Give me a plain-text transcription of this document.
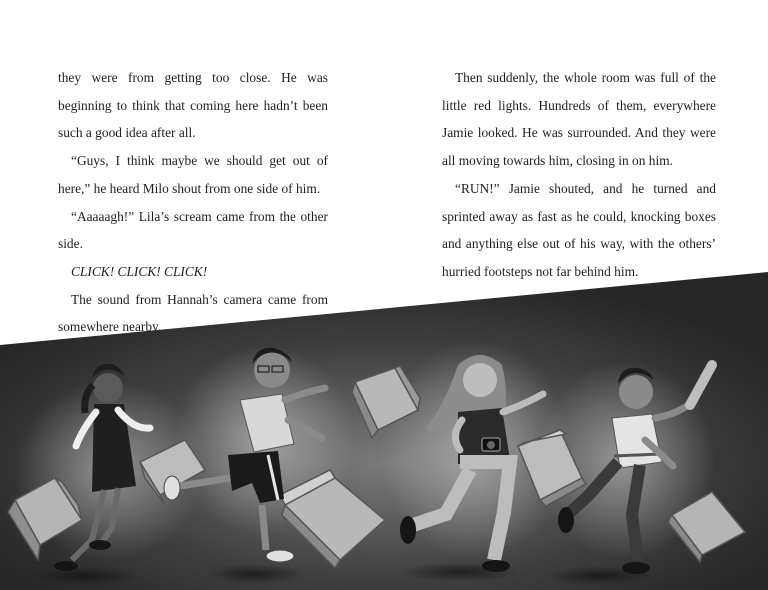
they were from getting too close. He was

beginning to think that coming here hadn’t been

such a good idea after all.

“Guys, I think maybe we should get out of

here,” he heard Milo shout from one side of him.

“Aaaaagh!” Lila’s scream came from the other

side.

CLICK! CLICK! CLICK!

The sound from Hannah’s camera came from

somewhere nearby.

Then suddenly, the whole room was full of the

little red lights. Hundreds of them, everywhere

Jamie looked. He was surrounded. And they were

all moving towards him, closing in on him.

“RUN!” Jamie shouted, and he turned and

sprinted away as fast as he could, knocking boxes

and anything else out of his way, with the others’

hurried footsteps not far behind him.
